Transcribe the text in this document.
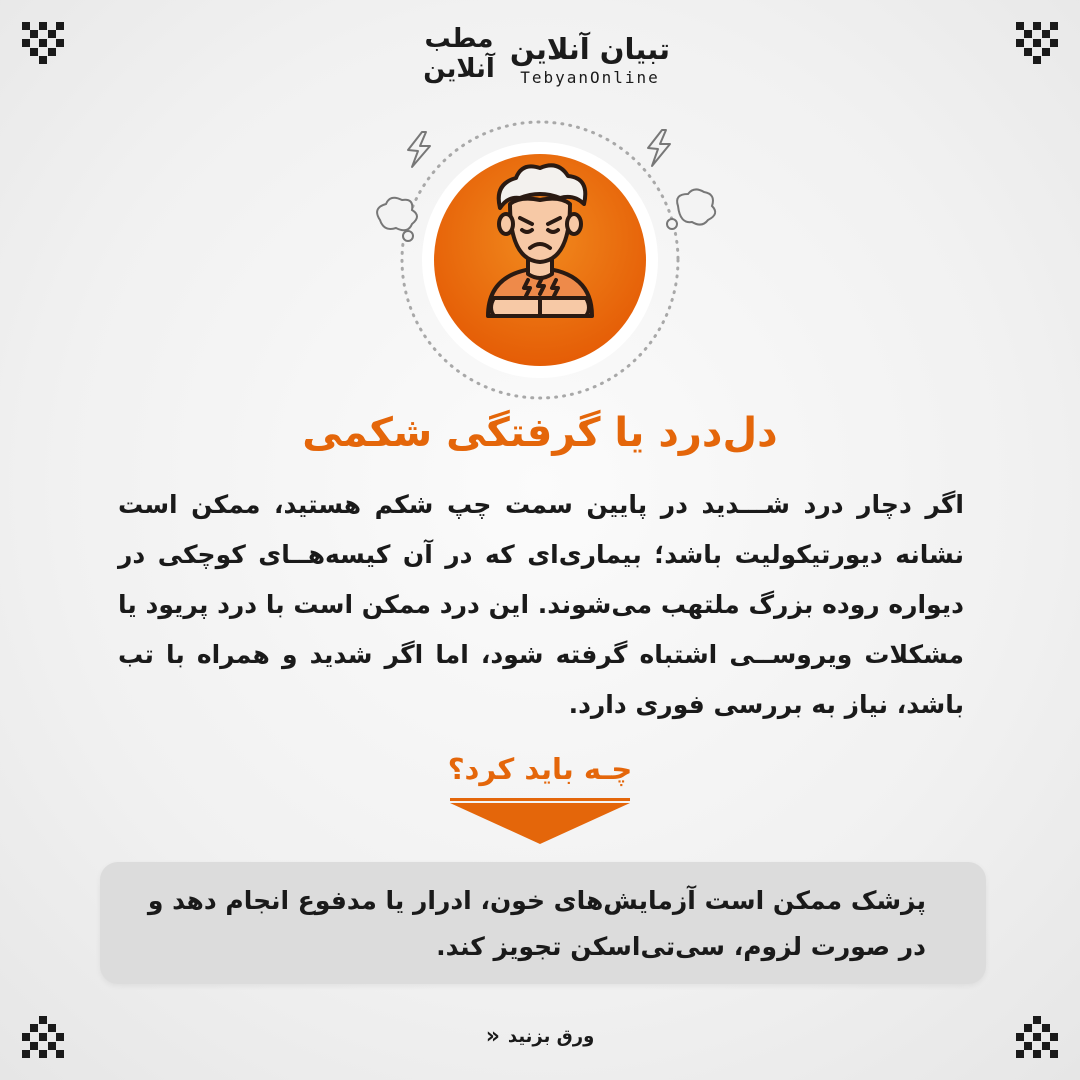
تبیان آنلاین
TebyanOnline
مطب
آنلاین
دل‌درد یا گرفتگی شکمی
اگر دچار درد شـــدید در پایین سمت چپ شکم هستید، ممکن است نشانه دیورتیکولیت باشد؛ بیماری‌ای که در آن کیسه‌هــای کوچکی در دیواره روده بزرگ ملتهب می‌شوند. این درد ممکن است با درد پریود یا مشکلات ویروســی اشتباه گرفته شود، اما اگر شدید و همراه با تب باشد، نیاز به بررسی فوری دارد.
چـه باید کرد؟
پزشک ممکن است آزمایش‌های خون، ادرار یا مدفوع انجام دهد و در صورت لزوم، سی‌تی‌اسکن تجویز کند.
ورق بزنید
«
